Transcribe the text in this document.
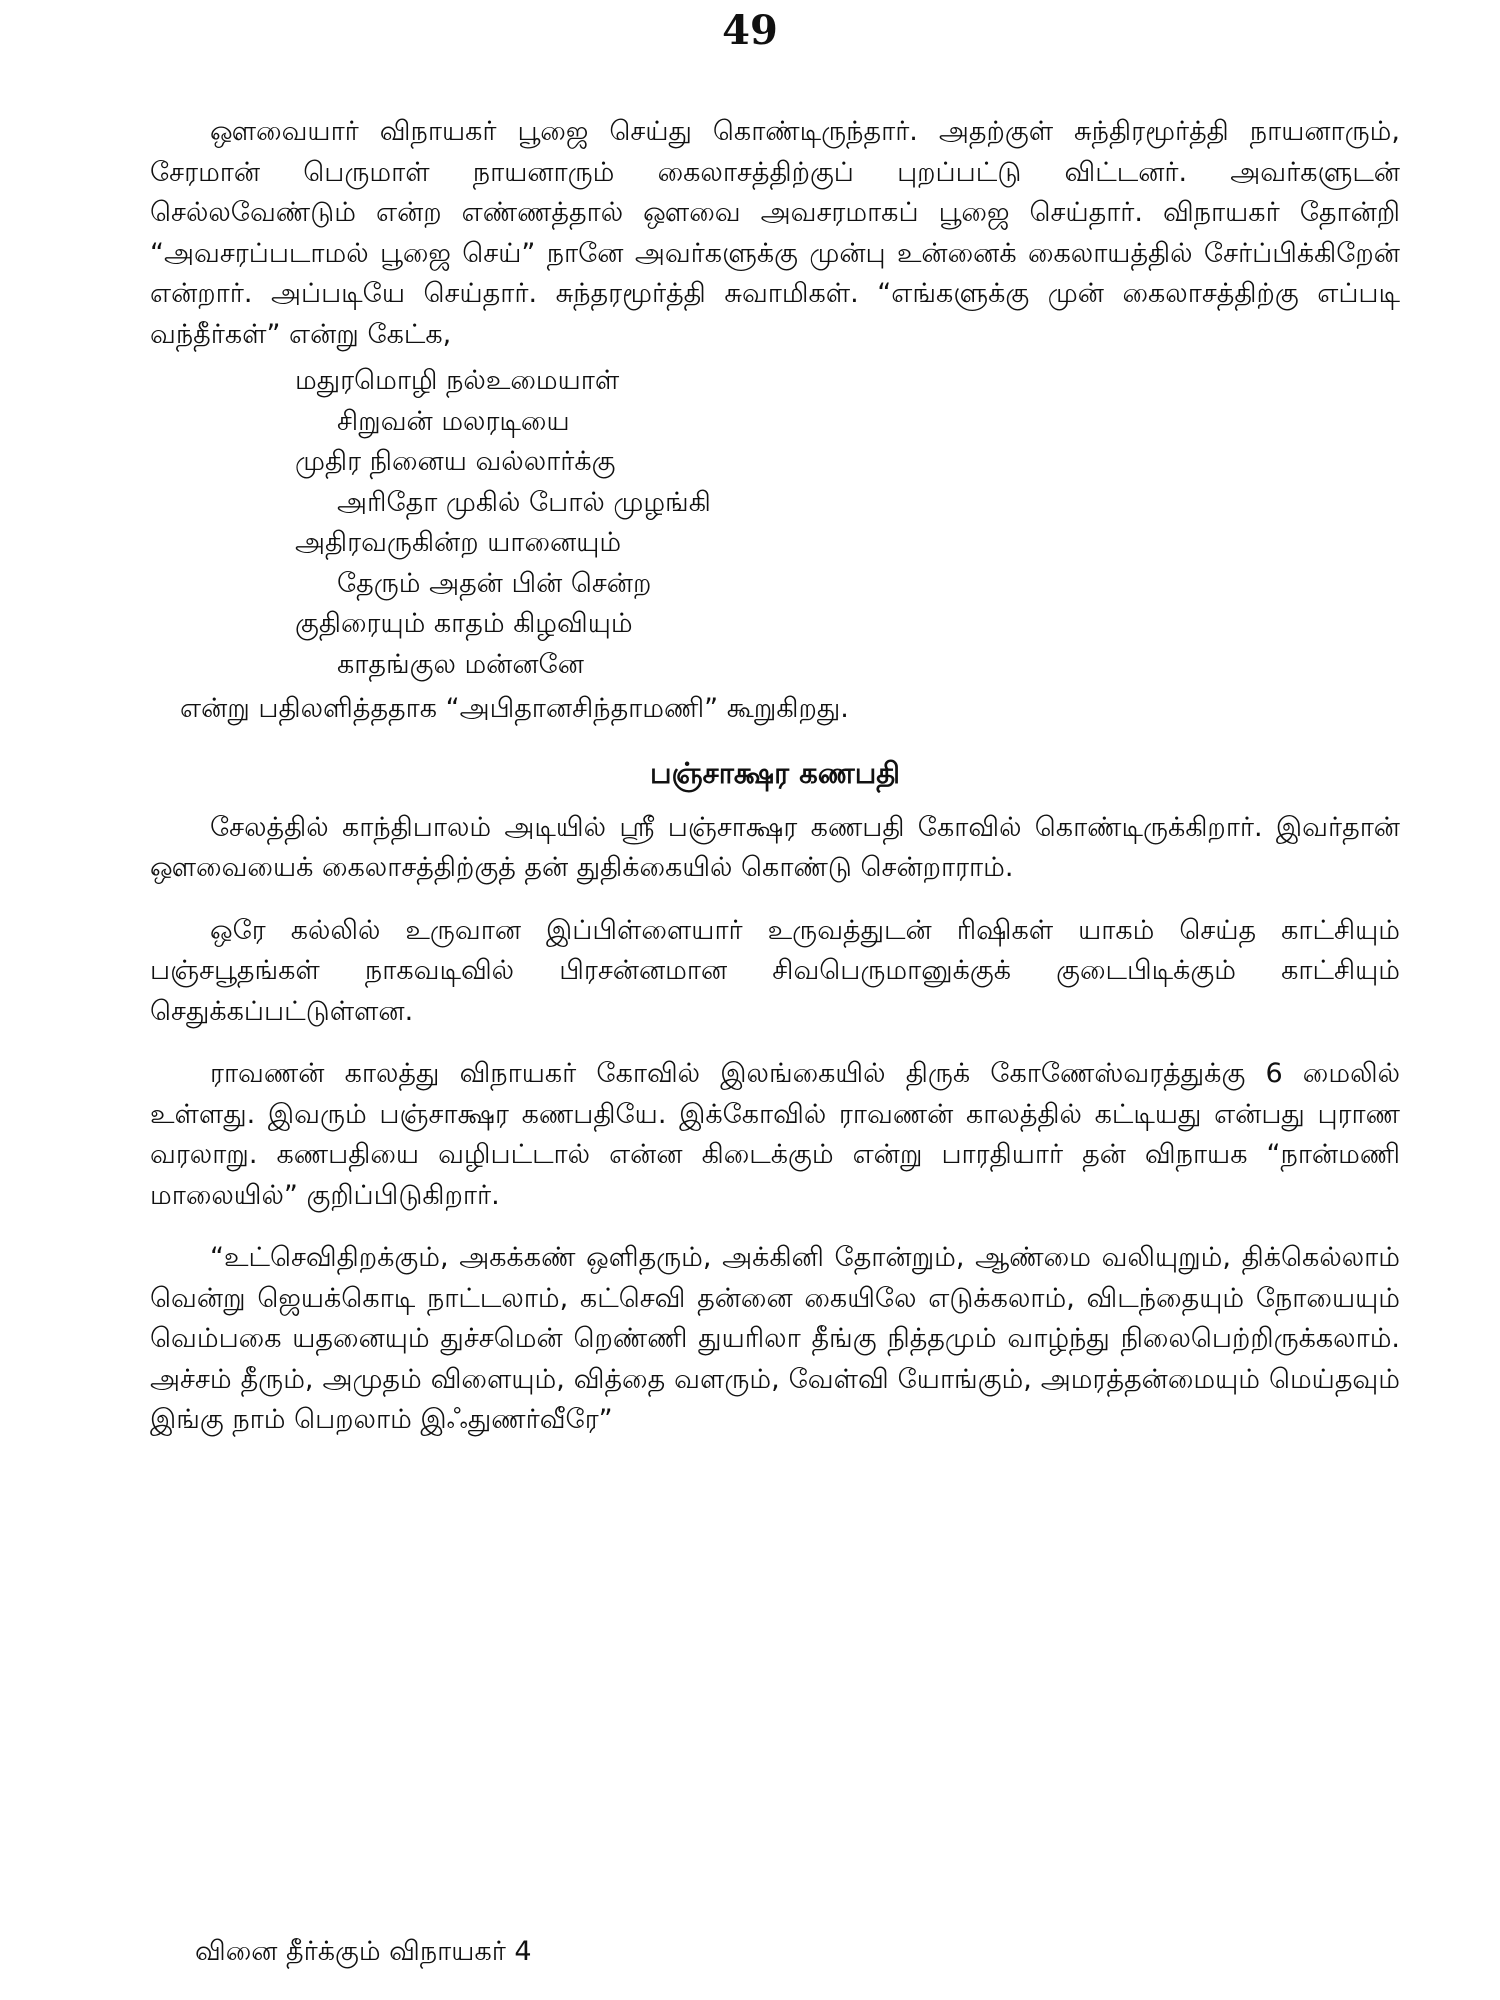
49

ஔவையார் விநாயகர் பூஜை செய்து கொண்டிருந்தார். அதற்குள் சுந்திரமூர்த்தி நாயனாரும், சேரமான் பெருமாள் நாயனாரும் கைலாசத்திற்குப் புறப்பட்டு விட்டனர். அவர்களுடன் செல்லவேண்டும் என்ற எண்ணத்தால் ஔவை அவசரமாகப் பூஜை செய்தார். விநாயகர் தோன்றி “அவசரப்படாமல் பூஜை செய்” நானே அவர்களுக்கு முன்பு உன்னைக் கைலாயத்தில் சேர்ப்பிக்கிறேன் என்றார். அப்படியே செய்தார். சுந்தரமூர்த்தி சுவாமிகள். “எங்களுக்கு முன் கைலாசத்திற்கு எப்படி வந்தீர்கள்” என்று கேட்க,

மதுரமொழி நல்உமையாள்
சிறுவன் மலரடியை
முதிர நினைய வல்லார்க்கு
அரிதோ முகில் போல் முழங்கி
அதிரவருகின்ற யானையும்
தேரும் அதன் பின் சென்ற
குதிரையும் காதம் கிழவியும்
காதங்குல மன்னனே

என்று பதிலளித்ததாக “அபிதானசிந்தாமணி” கூறுகிறது.

பஞ்சாக்ஷர கணபதி

சேலத்தில் காந்திபாலம் அடியில் ஸ்ரீ பஞ்சாக்ஷர கணபதி கோவில் கொண்டிருக்கிறார். இவர்தான் ஔவையைக் கைலாசத்திற்குத் தன் துதிக்கையில் கொண்டு சென்றாராம்.

ஒரே கல்லில் உருவான இப்பிள்ளையார் உருவத்துடன் ரிஷிகள் யாகம் செய்த காட்சியும் பஞ்சபூதங்கள் நாகவடிவில் பிரசன்னமான சிவபெருமானுக்குக் குடைபிடிக்கும் காட்சியும் செதுக்கப்பட்டுள்ளன.

ராவணன் காலத்து விநாயகர் கோவில் இலங்கையில் திருக் கோணேஸ்வரத்துக்கு 6 மைலில் உள்ளது. இவரும் பஞ்சாக்ஷர கணபதியே. இக்கோவில் ராவணன் காலத்தில் கட்டியது என்பது புராண வரலாறு. கணபதியை வழிபட்டால் என்ன கிடைக்கும் என்று பாரதியார் தன் விநாயக “நான்மணி மாலையில்” குறிப்பிடுகிறார்.

“உட்செவிதிறக்கும், அகக்கண் ஒளிதரும், அக்கினி தோன்றும், ஆண்மை வலியுறும், திக்கெல்லாம் வென்று ஜெயக்கொடி நாட்டலாம், கட்செவி தன்னை கையிலே எடுக்கலாம், விடந்தையும் நோயையும் வெம்பகை யதனையும் துச்சமென் றெண்ணி துயரிலா தீங்கு நித்தமும் வாழ்ந்து நிலைபெற்றிருக்கலாம். அச்சம் தீரும், அமுதம் விளையும், வித்தை வளரும், வேள்வி யோங்கும், அமரத்தன்மையும் மெய்தவும் இங்கு நாம் பெறலாம் இஃதுணர்வீரே”

வினை தீர்க்கும் விநாயகர் 4
